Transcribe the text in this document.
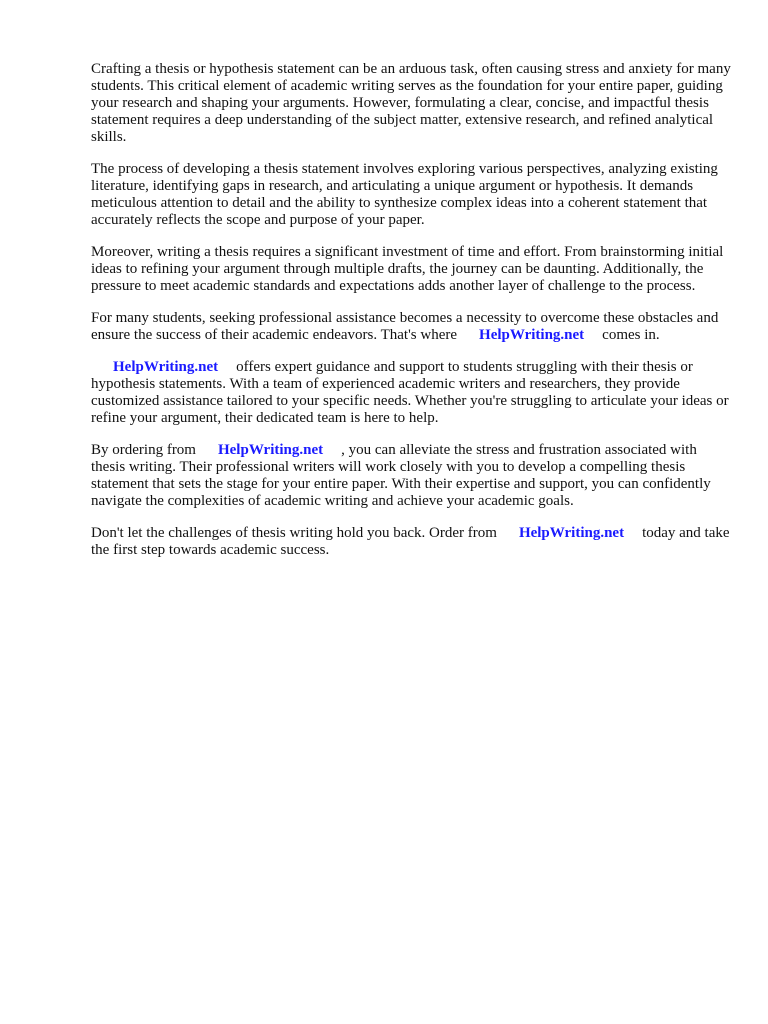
Crafting a thesis or hypothesis statement can be an arduous task, often causing stress and anxiety for many students. This critical element of academic writing serves as the foundation for your entire paper, guiding your research and shaping your arguments. However, formulating a clear, concise, and impactful thesis statement requires a deep understanding of the subject matter, extensive research, and refined analytical skills.

The process of developing a thesis statement involves exploring various perspectives, analyzing existing literature, identifying gaps in research, and articulating a unique argument or hypothesis. It demands meticulous attention to detail and the ability to synthesize complex ideas into a coherent statement that accurately reflects the scope and purpose of your paper.

Moreover, writing a thesis requires a significant investment of time and effort. From brainstorming initial ideas to refining your argument through multiple drafts, the journey can be daunting. Additionally, the pressure to meet academic standards and expectations adds another layer of challenge to the process.

For many students, seeking professional assistance becomes a necessity to overcome these obstacles and ensure the success of their academic endeavors. That's where HelpWriting.net comes in.

HelpWriting.net offers expert guidance and support to students struggling with their thesis or hypothesis statements. With a team of experienced academic writers and researchers, they provide customized assistance tailored to your specific needs. Whether you're struggling to articulate your ideas or refine your argument, their dedicated team is here to help.

By ordering from HelpWriting.net , you can alleviate the stress and frustration associated with thesis writing. Their professional writers will work closely with you to develop a compelling thesis statement that sets the stage for your entire paper. With their expertise and support, you can confidently navigate the complexities of academic writing and achieve your academic goals.

Don't let the challenges of thesis writing hold you back. Order from HelpWriting.net today and take the first step towards academic success.
